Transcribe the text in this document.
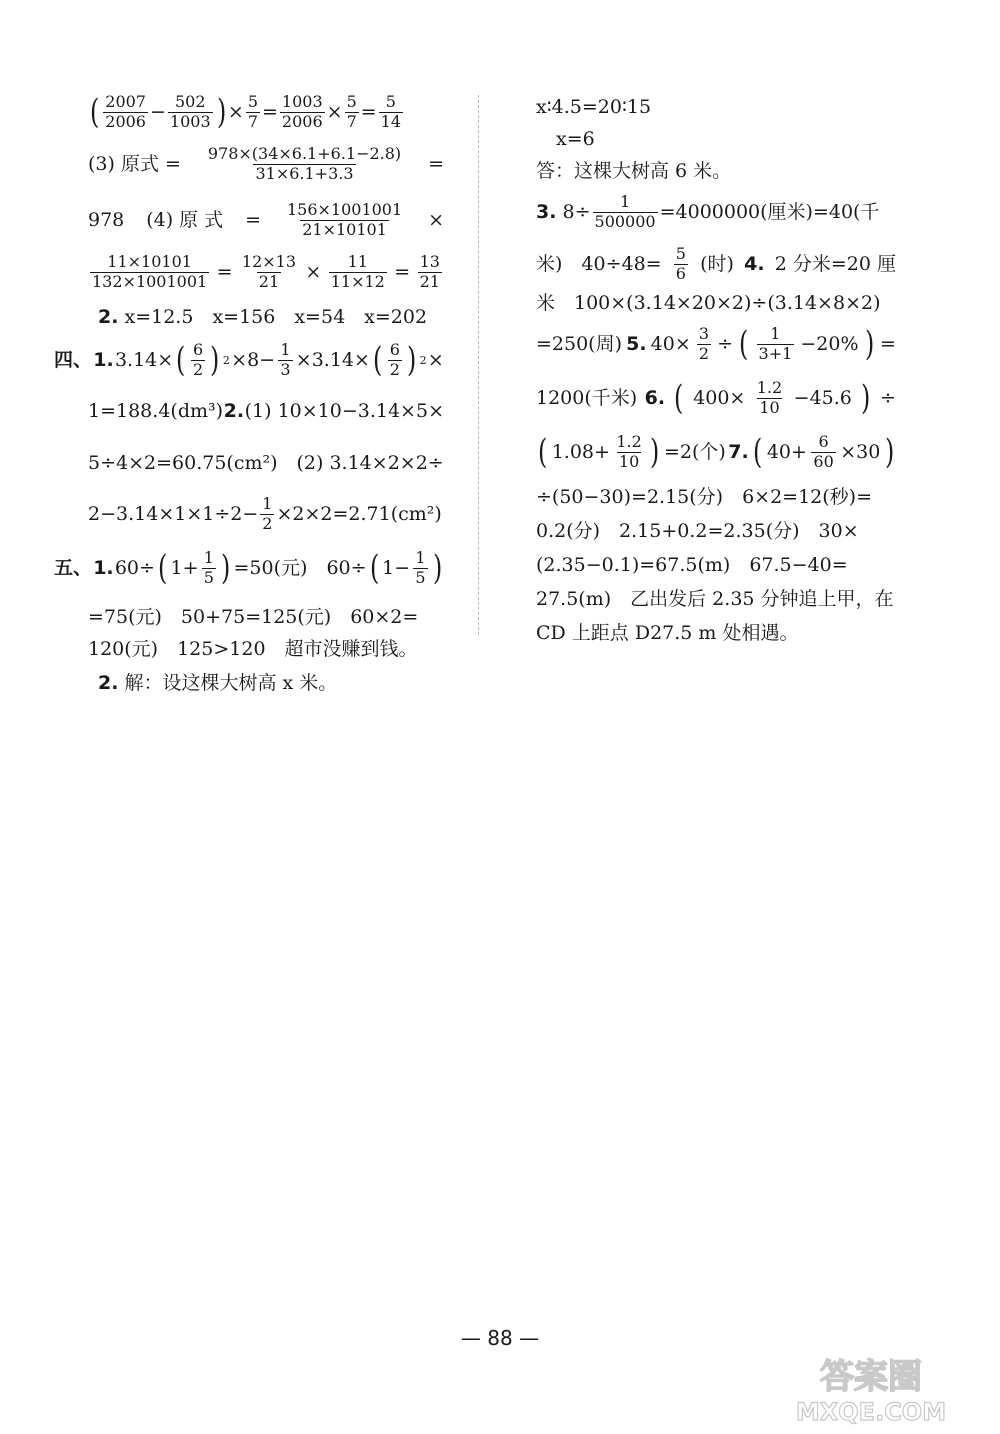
( 2007
$2006 - \frac{502}{1003}$ ) × $\frac{5}{7} = \frac{1003}{2006} \times \frac{5}{7} = \frac{5}{14}$
(3) 原式 = $\frac{978\times(34\times 6.1+6.1-2.8)}{31\times 6.1+3.3}$ =
978 (4) 原 式 = $\frac{156\times 1001001}{21\times 10101}$ ×
$\frac{11\times 10101}{132\times 1001001} = \frac{12\times 13}{21} \times \frac{11}{11\times 12} = \frac{13}{21}$
2.
x=12.5　x=156　x=54　x=202
四、 1. 3.14× ( 6
2 ) $2 \times 8- \frac{1}{3} \times 3.14\times$ ( 6
2 ) 2 ×
1=188.4(dm³) 2. (1) 10×10−3.14×5×
5÷4×2=60.75(cm²)　(2) 3.14×2×2÷
$2-3.14\times 1\times 1\div 2- \frac{1}{2} \times 2\times 2=2.71(cm^2)$
五、 1. 60÷ ( $1+ \frac{1}{5}$ ) =50(元)　60÷ ( $1- \frac{1}{5}$ )
=75(元)　50+75=125(元)　60×2=
120(元)　125>120　超市没赚到钱。
2.
解：设这棵大树高 x 米。
x∶4.5=20∶15
x=6
答：这棵大树高 6 米。
3.
$8\div \frac{1}{500000} =4000000$(厘米)=40(千
米)　$40\div 48= \frac{5}{6}$ (时) 4. 2 分米=20 厘
米　100×(3.14×20×2)÷(3.14×8×2)
=250(周) 5. $40\times \frac{3}{2}$ ÷ ( 1
3+1 −20% ) =
1200(千米) 6. ( $400\times \frac{1.2}{10} -45.6$ ) ÷
( $1.08+ \frac{1.2}{10}$ ) =2(个) 7. ( $40+ \frac{6}{60} \times 30$ )
÷(50−30)=2.15(分)　6×2=12(秒)=
0.2(分)　2.15+0.2=2.35(分)　30×
(2.35−0.1)=67.5(m)　67.5−40=
27.5(m)　乙出发后 2.35 分钟追上甲，在
CD 上距点 D27.5 m 处相遇。
— 88 —
答案圈
MXQE.COM
